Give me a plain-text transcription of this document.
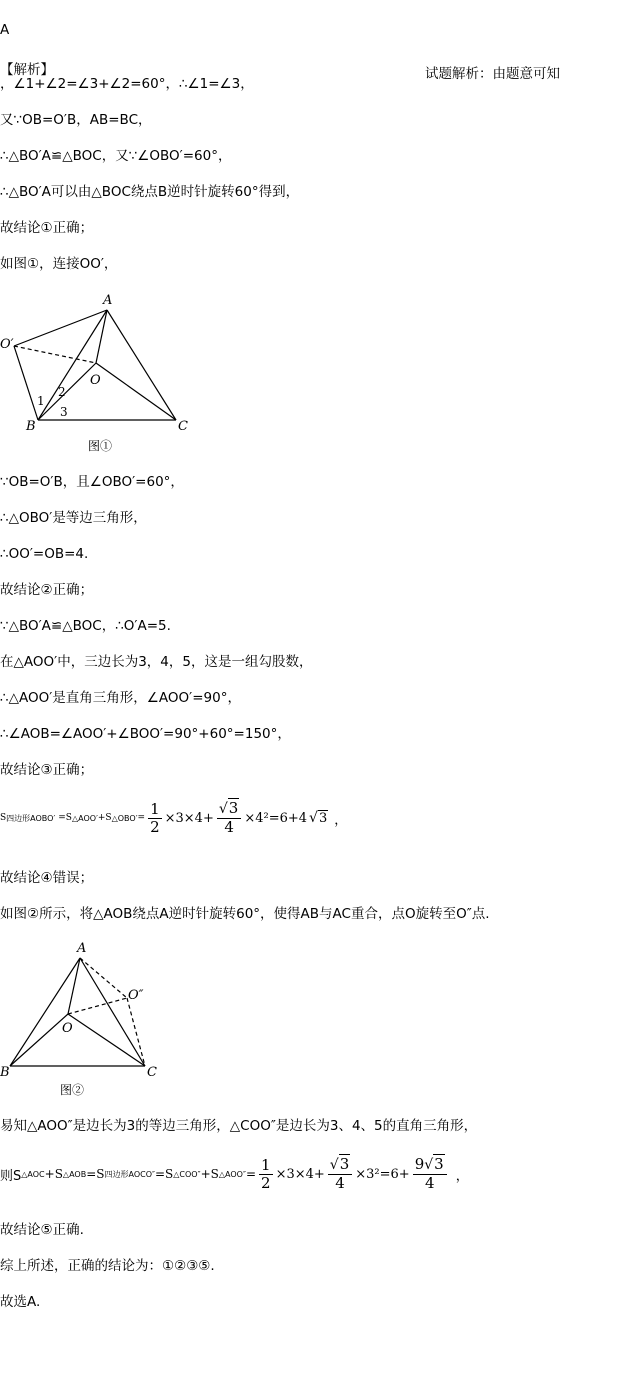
A
【解析】	试题解析：由题意可知
，∠1+∠2=∠3+∠2=60°，∴∠1=∠3，
又∵OB=O′B，AB=BC，
∴△BO′A≌△BOC，又∵∠OBO′=60°，
∴△BO′A可以由△BOC绕点B逆时针旋转60°得到，
故结论①正确；
如图①，连接OO′，
A
O′
O
B	C
1
2
3
图①
∵OB=O′B，且∠OBO′=60°，
∴△OBO′是等边三角形，
∴OO′=OB=4.
故结论②正确；
∵△BO′A≌△BOC，∴O′A=5.
在△AOO′中，三边长为3，4，5，这是一组勾股数，
∴△AOO′是直角三角形，∠AOO′=90°，
∴∠AOB=∠AOO′+∠BOO′=90°+60°=150°，
故结论③正确；
S 四边形AOBO′ =S △AOO′ +S △OBO′ = $\frac{1}{2} \times 3\times 4+ \frac{√3}{4} \times 4^2=6+4$ √3 ，
故结论④错误；
如图②所示，将△AOB绕点A逆时针旋转60°，使得AB与AC重合，点O旋转至O″点.
A
O″
O
B	C
图②
易知△AOO″是边长为3的等边三角形，△COO″是边长为3、4、5的直角三角形，
则S △AOC +S △AOB =S 四边形AOCO″ =S △COO″ +S △AOO″ = $\frac{1}{2} \times 3\times 4+ \frac{√3}{4} \times 3^2=6+ \frac{9√3}{4}$ ，
故结论⑤正确.
综上所述，正确的结论为：①②③⑤.
故选A.
